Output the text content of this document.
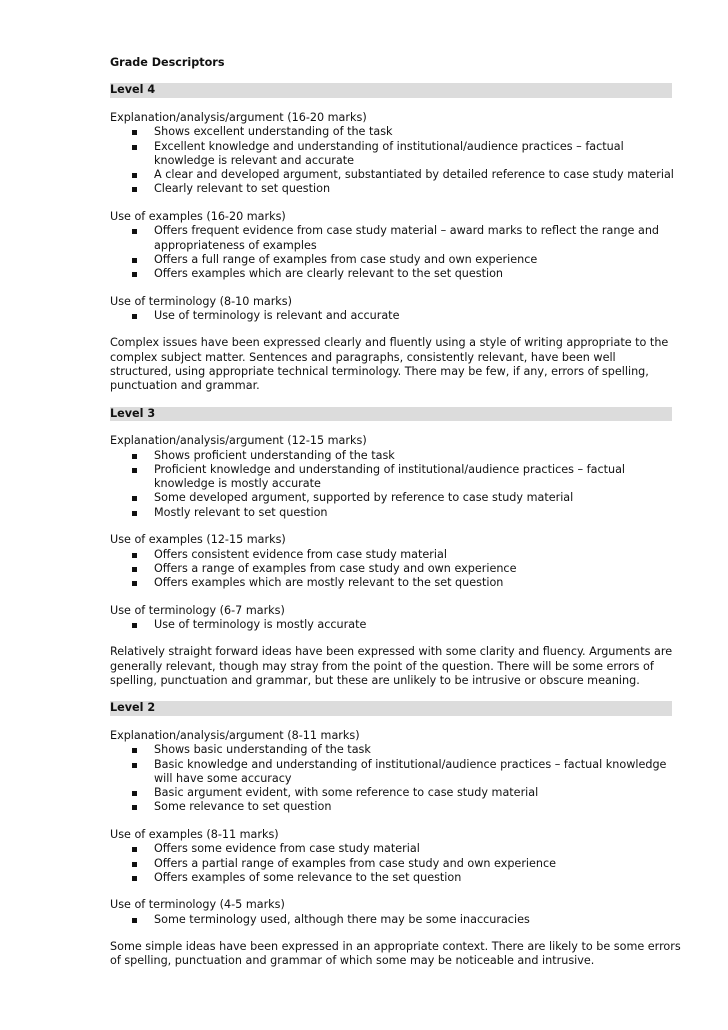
Grade Descriptors
Level 4
Explanation/analysis/argument (16-20 marks)
Shows excellent understanding of the task
Excellent knowledge and understanding of institutional/audience practices – factual
knowledge is relevant and accurate
A clear and developed argument, substantiated by detailed reference to case study material
Clearly relevant to set question
Use of examples (16-20 marks)
Offers frequent evidence from case study material – award marks to reflect the range and
appropriateness of examples
Offers a full range of examples from case study and own experience
Offers examples which are clearly relevant to the set question
Use of terminology (8-10 marks)
Use of terminology is relevant and accurate
Complex issues have been expressed clearly and fluently using a style of writing appropriate to the
complex subject matter. Sentences and paragraphs, consistently relevant, have been well
structured, using appropriate technical terminology. There may be few, if any, errors of spelling,
punctuation and grammar.
Level 3
Explanation/analysis/argument (12-15 marks)
Shows proficient understanding of the task
Proficient knowledge and understanding of institutional/audience practices – factual
knowledge is mostly accurate
Some developed argument, supported by reference to case study material
Mostly relevant to set question
Use of examples (12-15 marks)
Offers consistent evidence from case study material
Offers a range of examples from case study and own experience
Offers examples which are mostly relevant to the set question
Use of terminology (6-7 marks)
Use of terminology is mostly accurate
Relatively straight forward ideas have been expressed with some clarity and fluency. Arguments are
generally relevant, though may stray from the point of the question. There will be some errors of
spelling, punctuation and grammar, but these are unlikely to be intrusive or obscure meaning.
Level 2
Explanation/analysis/argument (8-11 marks)
Shows basic understanding of the task
Basic knowledge and understanding of institutional/audience practices – factual knowledge
will have some accuracy
Basic argument evident, with some reference to case study material
Some relevance to set question
Use of examples (8-11 marks)
Offers some evidence from case study material
Offers a partial range of examples from case study and own experience
Offers examples of some relevance to the set question
Use of terminology (4-5 marks)
Some terminology used, although there may be some inaccuracies
Some simple ideas have been expressed in an appropriate context. There are likely to be some errors
of spelling, punctuation and grammar of which some may be noticeable and intrusive.
